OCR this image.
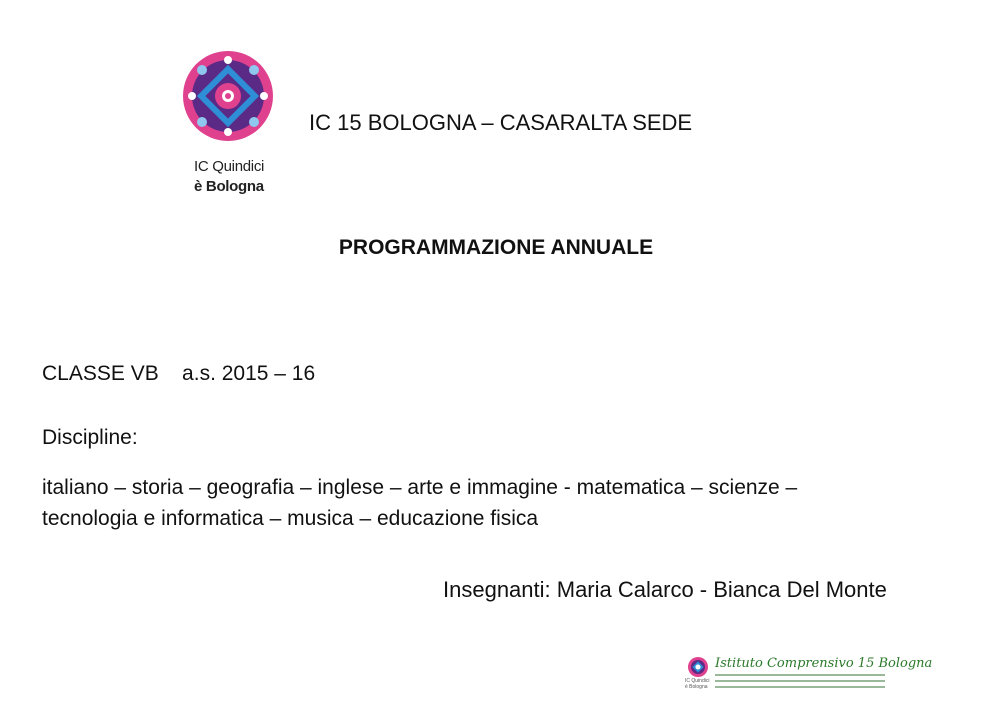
IC Quindici
è Bologna
IC 15 BOLOGNA – CASARALTA SEDE
PROGRAMMAZIONE ANNUALE
CLASSE VB    a.s. 2015 – 16
Discipline:
italiano – storia – geografia – inglese – arte e immagine - matematica – scienze –
tecnologia e informatica – musica – educazione fisica
Insegnanti: Maria Calarco - Bianca Del Monte
IC Quindici
è Bologna
Istituto Comprensivo 15 Bologna
